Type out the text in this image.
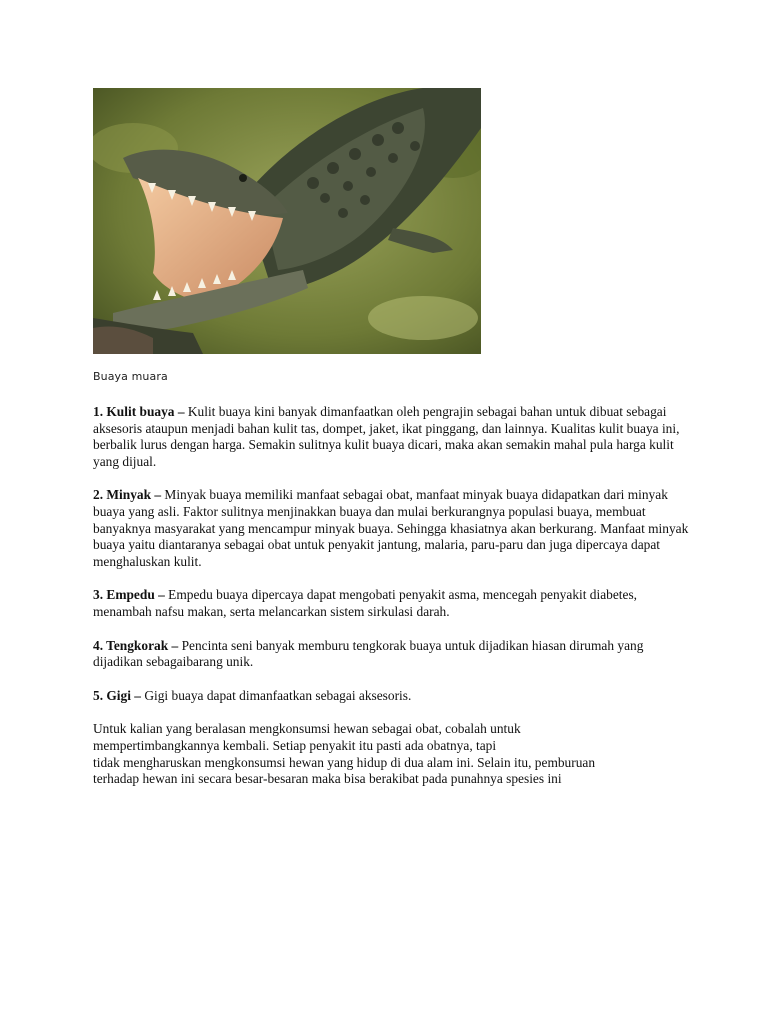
Buaya muara

1. Kulit buaya – Kulit buaya kini banyak dimanfaatkan oleh pengrajin sebagai bahan untuk dibuat sebagai aksesoris ataupun menjadi bahan kulit tas, dompet, jaket, ikat pinggang, dan lainnya. Kualitas kulit buaya ini, berbalik lurus dengan harga. Semakin sulitnya kulit buaya dicari, maka akan semakin mahal pula harga kulit yang dijual.

2. Minyak – Minyak buaya memiliki manfaat sebagai obat, manfaat minyak buaya didapatkan dari minyak buaya yang asli. Faktor sulitnya menjinakkan buaya dan mulai berkurangnya populasi buaya, membuat banyaknya masyarakat yang mencampur minyak buaya. Sehingga khasiatnya akan berkurang. Manfaat minyak buaya yaitu diantaranya sebagai obat untuk penyakit jantung, malaria, paru-paru dan juga dipercaya dapat menghaluskan kulit.

3. Empedu – Empedu buaya dipercaya dapat mengobati penyakit asma, mencegah penyakit diabetes, menambah nafsu makan, serta melancarkan sistem sirkulasi darah.

4. Tengkorak – Pencinta seni banyak memburu tengkorak buaya untuk dijadikan hiasan dirumah yang dijadikan sebagaibarang unik.

5. Gigi – Gigi buaya dapat dimanfaatkan sebagai aksesoris.

Untuk kalian yang beralasan mengkonsumsi hewan sebagai obat, cobalah untuk
mempertimbangkannya kembali. Setiap penyakit itu pasti ada obatnya, tapi
tidak mengharuskan mengkonsumsi hewan yang hidup di dua alam ini. Selain itu, pemburuan
terhadap hewan ini secara besar-besaran maka bisa berakibat pada punahnya spesies ini
